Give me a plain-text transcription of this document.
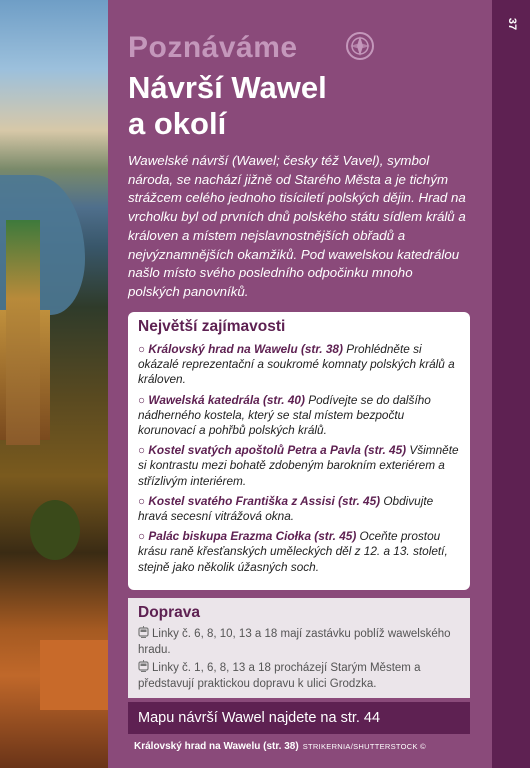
37
Poznáváme
Návrší Wawel
a okolí
Wawelské návrší (Wawel; česky též Vavel), symbol národa, se nachází jižně od Starého Města a je tichým strážcem celého jednoho tisíciletí polských dějin. Hrad na vrcholku byl od prvních dnů polského státu sídlem králů a královen a místem nejslavnostnějších obřadů a nejvýznamnějších okamžiků. Pod wawelskou katedrálou našlo místo svého posledního odpočinku mnoho polských panovníků.
Největší zajímavosti
○ Královský hrad na Wawelu (str. 38) Prohlédněte si okázalé reprezentační a soukromé komnaty polských králů a královen.
○ Wawelská katedrála (str. 40) Podívejte se do dalšího nádherného kostela, který se stal místem bezpočtu korunovací a pohřbů polských králů.
○ Kostel svatých apoštolů Petra a Pavla (str. 45) Všimněte si kontrastu mezi bohatě zdobeným barokním exteriérem a střízlivým interiérem.
○ Kostel svatého Františka z Assisi (str. 45) Obdivujte hravá secesní vitrážová okna.
○ Palác biskupa Erazma Ciołka (str. 45) Oceňte prostou krásu raně křesťanských uměleckých děl z 12. a 13. století, stejně jako několik úžasných soch.
Doprava
Linky č. 6, 8, 10, 13 a 18 mají zastávku poblíž wawelského hradu.
Linky č. 1, 6, 8, 13 a 18 procházejí Starým Městem a představují praktickou dopravu k ulici Grodzka.
Mapu návrší Wawel najdete na str. 44
Královský hrad na Wawelu (str. 38) STRIKERNIA/SHUTTERSTOCK ©
